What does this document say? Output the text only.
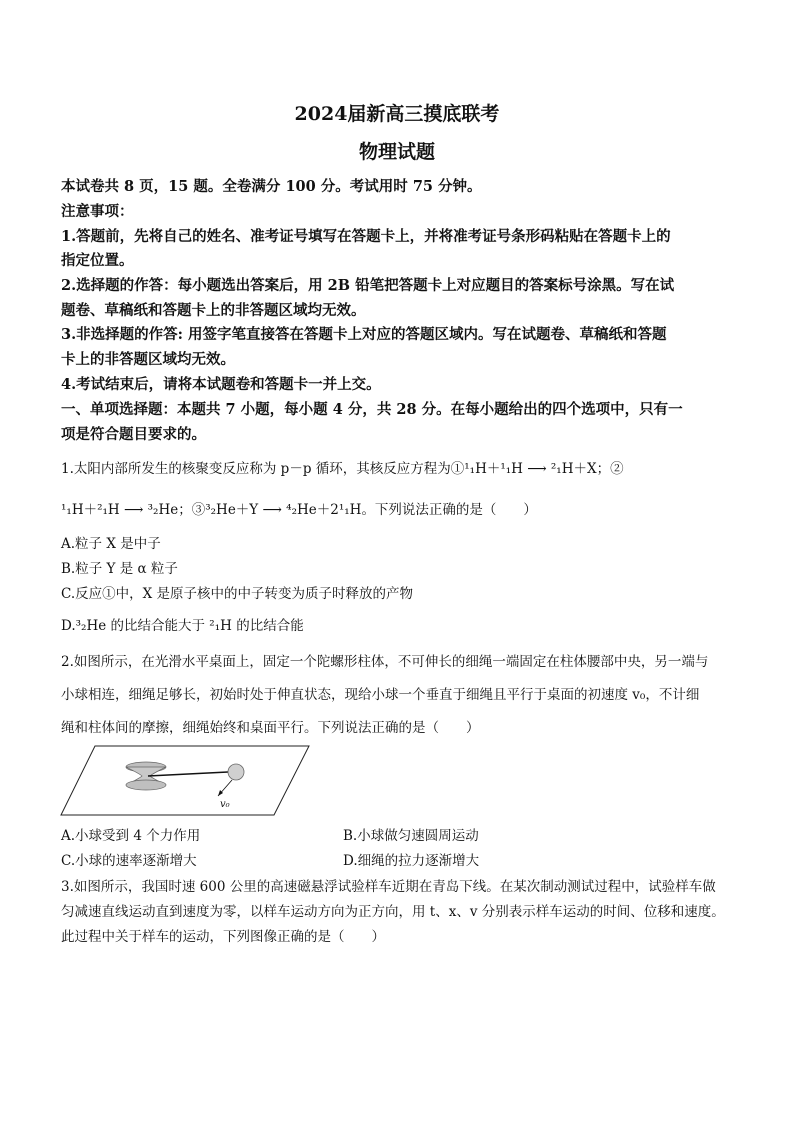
2024届新高三摸底联考
物理试题
本试卷共 8 页，15 题。全卷满分 100 分。考试用时 75 分钟。
注意事项：
1.答题前，先将自己的姓名、准考证号填写在答题卡上，并将准考证号条形码粘贴在答题卡上的
指定位置。
2.选择题的作答：每小题选出答案后，用 2B 铅笔把答题卡上对应题目的答案标号涂黑。写在试
题卷、草稿纸和答题卡上的非答题区域均无效。
3.非选择题的作答: 用签字笔直接答在答题卡上对应的答题区域内。写在试题卷、草稿纸和答题
卡上的非答题区域均无效。
4.考试结束后，请将本试题卷和答题卡一并上交。
一、单项选择题：本题共 7 小题，每小题 4 分，共 28 分。在每小题给出的四个选项中，只有一
项是符合题目要求的。
1.太阳内部所发生的核聚变反应称为 p－p 循环，其核反应方程为①¹₁H＋¹₁H ⟶ ²₁H＋X；②
¹₁H＋²₁H ⟶ ³₂He；③³₂He＋Y ⟶ ⁴₂He＋2¹₁H。下列说法正确的是（　　）
A.粒子 X 是中子
B.粒子 Y 是 α 粒子
C.反应①中，X 是原子核中的中子转变为质子时释放的产物
D.³₂He 的比结合能大于 ²₁H 的比结合能
2.如图所示，在光滑水平桌面上，固定一个陀螺形柱体，不可伸长的细绳一端固定在柱体腰部中央，另一端与
小球相连，细绳足够长，初始时处于伸直状态，现给小球一个垂直于细绳且平行于桌面的初速度 v₀，不计细
绳和柱体间的摩擦，细绳始终和桌面平行。下列说法正确的是（　　）
v₀
A.小球受到 4 个力作用	B.小球做匀速圆周运动
C.小球的速率逐渐增大	D.细绳的拉力逐渐增大
3.如图所示，我国时速 600 公里的高速磁悬浮试验样车近期在青岛下线。在某次制动测试过程中，试验样车做
匀减速直线运动直到速度为零，以样车运动方向为正方向，用 t、x、v 分别表示样车运动的时间、位移和速度。
此过程中关于样车的运动，下列图像正确的是（　　）
